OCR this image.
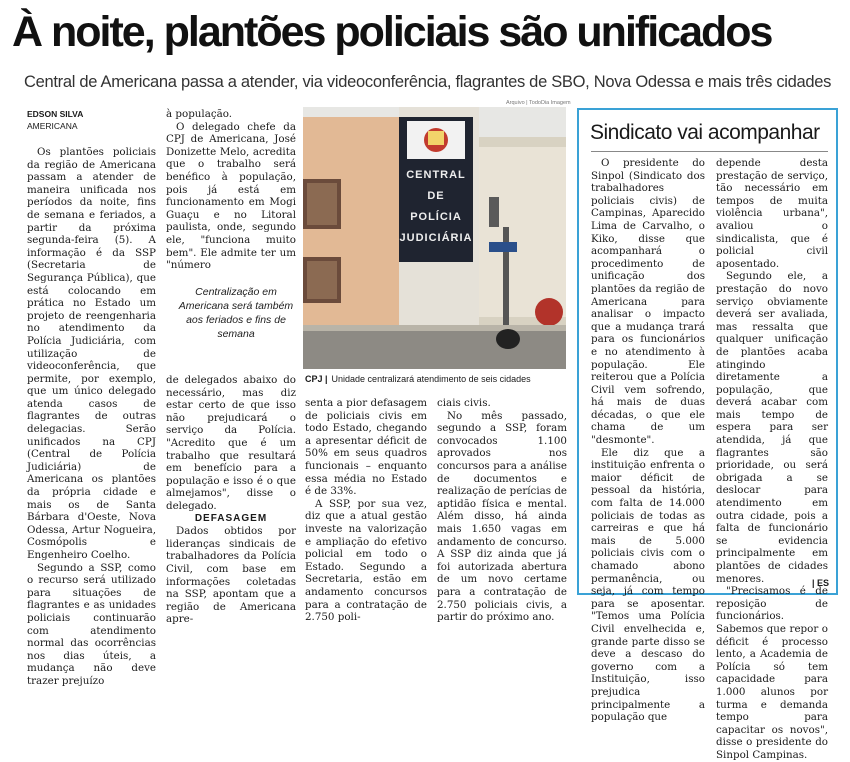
À noite, plantões policiais são unificados
Central de Americana passa a atender, via videoconferência, flagrantes de SBO, Nova Odessa e mais três cidades
EDSON SILVA
AMERICANA

Os plantões policiais da região de Americana passam a atender de maneira unificada nos períodos da noite, fins de semana e feriados, a partir da próxima segunda-feira (5). A informação é da SSP (Secretaria de Segurança Pública), que está colocando em prática no Estado um projeto de reengenharia no atendimento da Polícia Judiciária, com utilização de videoconferência, que permite, por exemplo, que um único delegado atenda casos de flagrantes de outras delegacias. Serão unificados na CPJ (Central de Polícia Judiciária) de Americana os plantões da própria cidade e mais os de Santa Bárbara d'Oeste, Nova Odessa, Artur Nogueira, Cosmópolis e Engenheiro Coelho.

Segundo a SSP, como o recurso será utilizado para situações de flagrantes e as unidades policiais continuarão com atendimento normal das ocorrências nos dias úteis, a mudança não deve trazer prejuízo

à população.

O delegado chefe da CPJ de Americana, José Donizette Melo, acredita que o trabalho será benéfico à população, pois já está em funcionamento em Mogi Guaçu e no Litoral paulista, onde, segundo ele, "funciona muito bem". Ele admite ter um "número

Centralização em Americana será também aos feriados e fins de semana

de delegados abaixo do necessário, mas diz estar certo de que isso não prejudicará o serviço da Polícia. "Acredito que é um trabalho que resultará em benefício para a população e isso é o que almejamos", disse o delegado.

DEFASAGEM

Dados obtidos por lideranças sindicais de trabalhadores da Polícia Civil, com base em informações coletadas na SSP, apontam que a região de Americana apre-

senta a pior defasagem de policiais civis em todo Estado, chegando a apresentar déficit de 50% em seus quadros funcionais – enquanto essa média no Estado é de 33%.

A SSP, por sua vez, diz que a atual gestão investe na valorização e ampliação do efetivo policial em todo o Estado. Segundo a Secretaria, estão em andamento concursos para a contratação de 2.750 poli-

ciais civis.

No mês passado, segundo a SSP, foram convocados 1.100 aprovados nos concursos para a análise de documentos e realização de perícias de aptidão física e mental. Além disso, há ainda mais 1.650 vagas em andamento de concurso. A SSP diz ainda que já foi autorizada abertura de um novo certame para a contratação de 2.750 policiais civis, a partir do próximo ano.

Arquivo | TodoDia Imagem
CENTRAL
DE
POLÍCIA
JUDICIÁRIA
CPJ | Unidade centralizará atendimento de seis cidades
Sindicato vai acompanhar

O presidente do Sinpol (Sindicato dos trabalhadores policiais civis) de Campinas, Aparecido Lima de Carvalho, o Kiko, disse que acompanhará o procedimento de unificação dos plantões da região de Americana para analisar o impacto que a mudança trará para os funcionários e no atendimento à população. Ele reiterou que a Polícia Civil vem sofrendo, há mais de duas décadas, o que ele chama de um "desmonte".

Ele diz que a instituição enfrenta o maior déficit de pessoal da história, com falta de 14.000 policiais de todas as carreiras e que há mais de 5.000 policiais civis com o chamado abono permanência, ou seja, já com tempo para se aposentar. "Temos uma Polícia Civil envelhecida e, grande parte disso se deve a descaso do governo com a Instituição, isso prejudica principalmente a população que

depende desta prestação de serviço, tão necessário em tempos de muita violência urbana", avaliou o sindicalista, que é policial civil aposentado.

Segundo ele, a prestação do novo serviço obviamente deverá ser avaliada, mas ressalta que qualquer unificação de plantões acaba atingindo diretamente a população, que deverá acabar com mais tempo de espera para ser atendida, já que flagrantes são prioridade, ou será obrigada a se deslocar para atendimento em outra cidade, pois a falta de funcionário se evidencia principalmente em plantões de cidades menores.

"Precisamos é de reposição de funcionários. Sabemos que repor o déficit é processo lento, a Academia de Polícia só tem capacidade para 1.000 alunos por turma e demanda tempo para capacitar os novos", disse o presidente do Sinpol Campinas.

| ES
